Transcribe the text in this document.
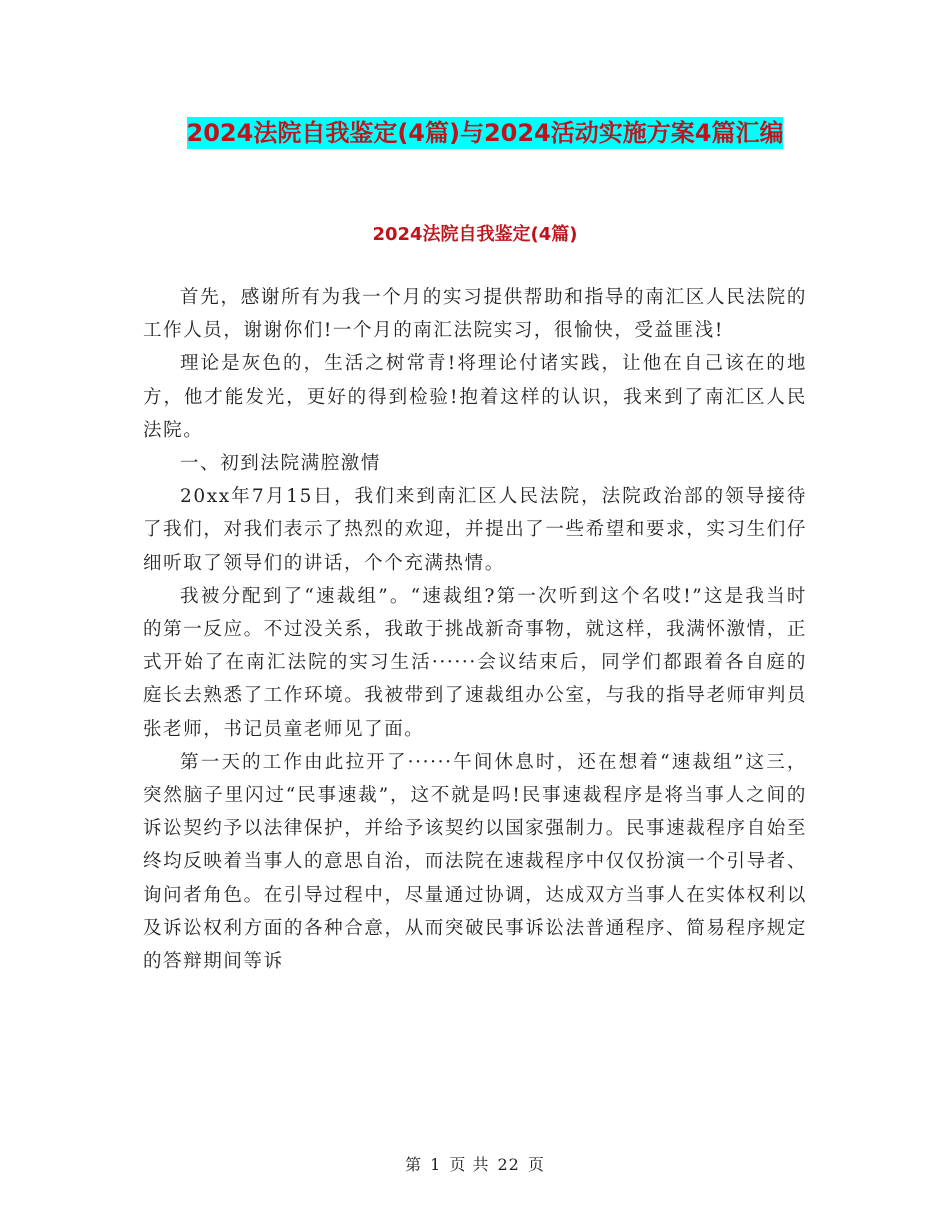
2024法院自我鉴定(4篇)与2024活动实施方案4篇汇编
2024法院自我鉴定(4篇)

首先，感谢所有为我一个月的实习提供帮助和指导的南汇区人民法院的工作人员，谢谢你们!一个月的南汇法院实习，很愉快，受益匪浅!

理论是灰色的，生活之树常青!将理论付诸实践，让他在自己该在的地方，他才能发光，更好的得到检验!抱着这样的认识，我来到了南汇区人民法院。

一、初到法院满腔激情

20xx年7月15日，我们来到南汇区人民法院，法院政治部的领导接待了我们，对我们表示了热烈的欢迎，并提出了一些希望和要求，实习生们仔细听取了领导们的讲话，个个充满热情。

我被分配到了“速裁组”。“速裁组?第一次听到这个名哎!”这是我当时的第一反应。不过没关系，我敢于挑战新奇事物，就这样，我满怀激情，正式开始了在南汇法院的实习生活······会议结束后，同学们都跟着各自庭的庭长去熟悉了工作环境。我被带到了速裁组办公室，与我的指导老师审判员张老师，书记员童老师见了面。

第一天的工作由此拉开了······午间休息时，还在想着“速裁组”这三，突然脑子里闪过“民事速裁”，这不就是吗!民事速裁程序是将当事人之间的诉讼契约予以法律保护，并给予该契约以国家强制力。民事速裁程序自始至终均反映着当事人的意思自治，而法院在速裁程序中仅仅扮演一个引导者、询问者角色。在引导过程中，尽量通过协调，达成双方当事人在实体权利以及诉讼权利方面的各种合意，从而突破民事诉讼法普通程序、简易程序规定的答辩期间等诉

第 1 页 共 22 页
